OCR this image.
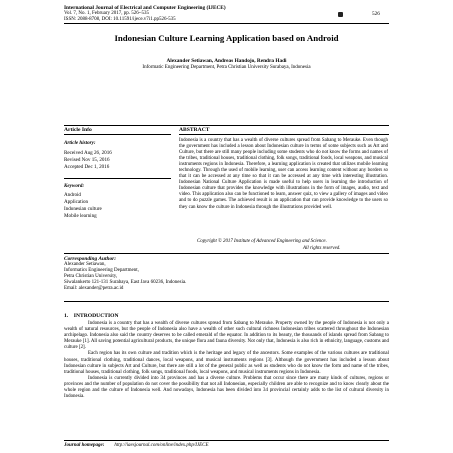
International Journal of Electrical and Computer Engineering (IJECE)
Vol. 7, No. 1, February 2017, pp. 526~535
ISSN: 2088-8708, DOI: 10.11591/ijece.v7i1.pp526-535
526
Indonesian Culture Learning Application based on Android
Alexander Setiawan, Andreas Handojo, Rendra Hadi
Informatic Engineering Department, Petra Christian University Surabaya, Indonesia
Article Info	ABSTRACT
Article history:
Received Aug 26, 2016
Revised Nov 15, 2016
Accepted Dec 1, 2016
Keyword:
Android
Application
Indonesian culture
Mobile learning
Indonesia is a country that has a wealth of diverse cultures spread from Sabang to Merauke. Even though the government has included a lesson about Indonesian culture in terms of some subjects such as Art and Culture, but there are still many people including some students who do not know the forms and names of the tribes, traditional houses, traditional clothing, folk songs, traditional foods, local weapons, and musical instruments regions in Indonesia. Therefore, a learning application is created that utilizes mobile learning technology. Through the used of mobile learning, user can access learning content without any borders so that it can be accessed at any time so that it can be accessed at any time with interesting illustration. Indonesian National Culture Application is made useful to help users in learning the introduction of Indonesian culture that provides the knowledge with illustrations in the form of images, audio, text and video. This application also can be functioned to learn, answer quiz, to view a gallery of images and video and to do puzzle games. The achieved result is an application that can provide knowledge to the users so they can know the culture in Indonesia through the illustrations provided well.
Copyright © 2017 Institute of Advanced Engineering and Science.
All rights reserved.
Corresponding Author:
Alexander Setiawan,
Informatics Engineering Department,
Petra Christian University,
Siwalankerto 121-131 Surabaya, East Java 60236, Indonesia.
Email: alexander@petra.ac.id
1.    INTRODUCTION

Indonesia is a country that has a wealth of diverse cultures spread from Sabang to Merauke. Property owned by the people of Indonesia is not only a wealth of natural resources, but the people of Indonesia also have a wealth of other such cultural richness Indonesian tribes scattered throughout the Indonesian archipelago. Indonesia also said the country deserves to be called emerald of the equator. In addition to its beauty, the thousands of islands spread from Sabang to Merauke [1]. All saving potential agricultural products, the unique flora and fauna diversity. Not only that, Indonesia is also rich in ethnicity, language, customs and culture [2].

Each region has its own culture and tradition which is the heritage and legacy of the ancestors. Some examples of the various cultures are traditional houses, traditional clothing, traditional dances, local weapons, and musical instruments regions [3]. Although the government has included a lesson about Indonesian culture in subjects Art and Culture, but there are still a lot of the general public as well as students who do not know the form and name of the tribes, traditional houses, traditional clothing, folk songs, traditional foods, local weapons, and musical instruments regions in Indonesia.

Indonesia is currently divided into 34 provinces and has a diverse culture. Problems that occur since there are many kinds of cultures, regions or provinces and the number of population do not cover the possibility that not all Indonesian, especially children are able to recognize and to know clearly about the whole region and the culture of Indonesia well. And nowadays, Indonesia has been divided into 34 provincial certainly adds to the list of cultural diversity in Indonesia.

Journal homepage: http://iaesjournal.com/online/index.php/IJECE
